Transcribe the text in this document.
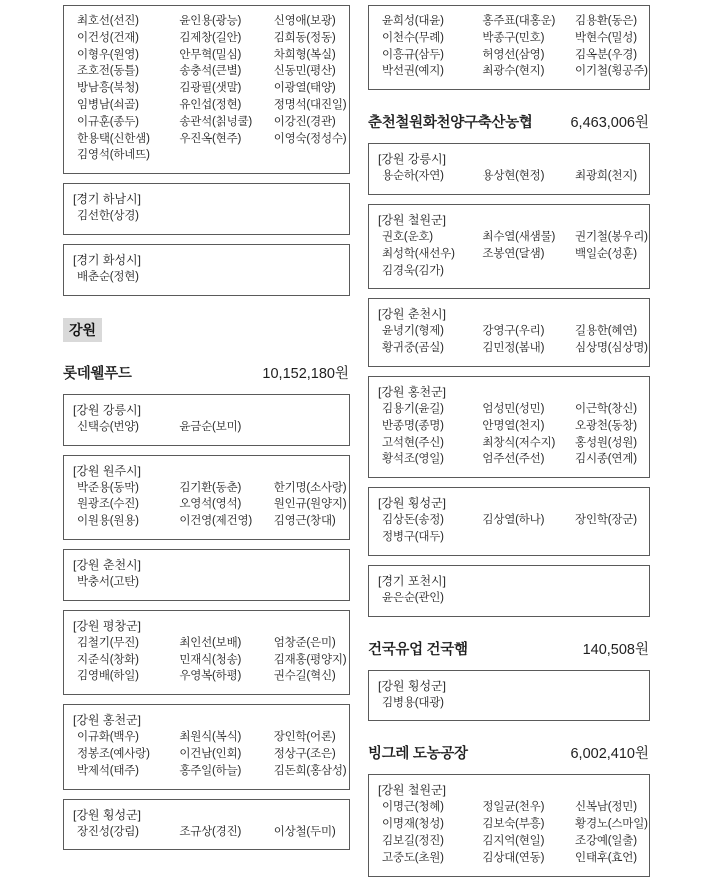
최호선(선진)	윤인용(광능)	신영애(보광)
이건성(건재)	김제창(길안)	김희동(정동)
이형우(원영)	안무혁(밀심)	차희형(복실)
조호전(동틀)	송충석(큰별)	신동민(평산)
방남흥(북청)	김광필(샛말)	이광열(태양)
임병남(쇠골)	유인섭(정현)	정명석(대진일)
이규훈(종두)	송관석(칡넝쿨)	이강진(경관)
한용택(신한샘)	우진옥(현주)	이영숙(정성수)
김영석(하네뜨)
[경기 하남시]
김선한(상경)
[경기 화성시]
배춘순(정현)
강원
롯데웰푸드	10,152,180원
[강원 강릉시]
신택승(번양)	윤금순(보미)
[강원 원주시]
박준용(동막)	김기환(동춘)	한기명(소사랑)
원광조(수진)	오영석(영석)	원인규(원양지)
이원용(원용)	이건영(제건영)	김영근(창대)
[강원 춘천시]
박충서(고탄)
[강원 평창군]
김철기(무진)	최인선(보배)	엄창준(은미)
지준식(창화)	민재식(청송)	김재홍(평양지)
김영배(하일)	우영복(하평)	권수길(혁신)
[강원 홍천군]
이규화(백우)	최원식(복식)	장인학(어론)
정봉조(예사랑)	이건남(인회)	정상구(조은)
박제석(태주)	홍주일(하늘)	김돈희(홍삼성)
[강원 횡성군]
장진성(강림)	조규상(경진)	이상철(두미)
윤희성(대윤)	홍주표(대홍운)	김용환(동은)
이천수(무례)	박종구(민호)	박현수(밀성)
이흥규(삼두)	허영선(삼영)	김옥분(우경)
박선권(예지)	최광수(현지)	이기철(횡공주)
춘천철원화천양구축산농협	6,463,006원
[강원 강릉시]
용순하(자연)	용상현(현정)	최광희(천지)
[강원 철원군]
권호(운호)	최수열(새샘물)	권기철(봉우리)
최성학(새선우)	조봉연(달샘)	백일순(성훈)
김경욱(김가)
[강원 춘천시]
윤녕기(형제)	강영구(우리)	길용한(혜연)
황귀중(곰실)	김민정(봄내)	심상명(심상명)
[강원 홍천군]
김용기(윤길)	엄성민(성민)	이근학(창신)
반종명(종명)	안명열(천지)	오광천(동창)
고석현(주신)	최창식(저수지)	홍성원(성원)
황석조(영일)	엄주선(주선)	김시종(연계)
[강원 횡성군]
김상돈(송정)	김상열(하나)	장인학(장군)
정병구(대두)
[경기 포천시]
윤은순(관인)
건국유업 건국햄	140,508원
[강원 횡성군]
김병용(대광)
빙그레 도농공장	6,002,410원
[강원 철원군]
이명근(청혜)	정일균(천우)	신복남(정민)
이명재(청성)	김보숙(부흥)	황경노(스마일)
김보길(정진)	김지억(현일)	조강예(일출)
고중도(초원)	김상대(연동)	인태후(효언)
